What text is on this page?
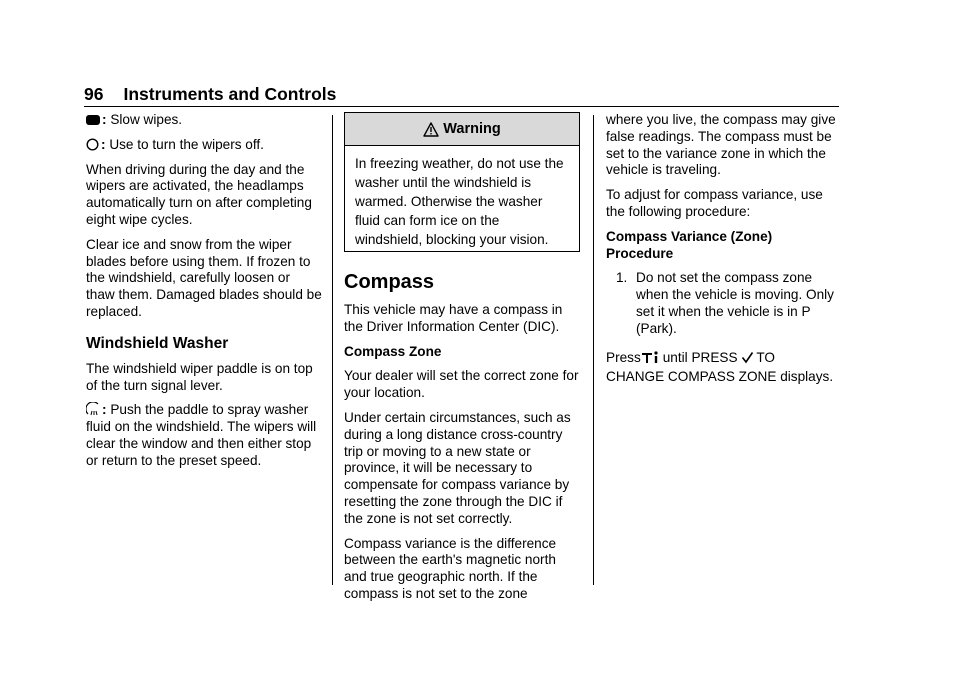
96 Instruments and Controls

: Slow wipes.

: Use to turn the wipers off.

When driving during the day and the wipers are activated, the headlamps automatically turn on after completing eight wipe cycles.

Clear ice and snow from the wiper blades before using them. If frozen to the windshield, carefully loosen or thaw them. Damaged blades should be replaced.

Windshield Washer

The windshield wiper paddle is on top of the turn signal lever.

: Push the paddle to spray washer fluid on the windshield. The wipers will clear the window and then either stop or return to the preset speed.

Warning
In freezing weather, do not use the washer until the windshield is warmed. Otherwise the washer fluid can form ice on the windshield, blocking your vision.
Compass

This vehicle may have a compass in the Driver Information Center (DIC).

Compass Zone

Your dealer will set the correct zone for your location.

Under certain circumstances, such as during a long distance cross-country trip or moving to a new state or province, it will be necessary to compensate for compass variance by resetting the zone through the DIC if the zone is not set correctly.

Compass variance is the difference between the earth's magnetic north and true geographic north. If the compass is not set to the zone

where you live, the compass may give false readings. The compass must be set to the variance zone in which the vehicle is traveling.

To adjust for compass variance, use the following procedure:

Compass Variance (Zone) Procedure

1. Do not set the compass zone when the vehicle is moving. Only set it when the vehicle is in P (Park).

Press until PRESS TO
CHANGE COMPASS ZONE displays.
